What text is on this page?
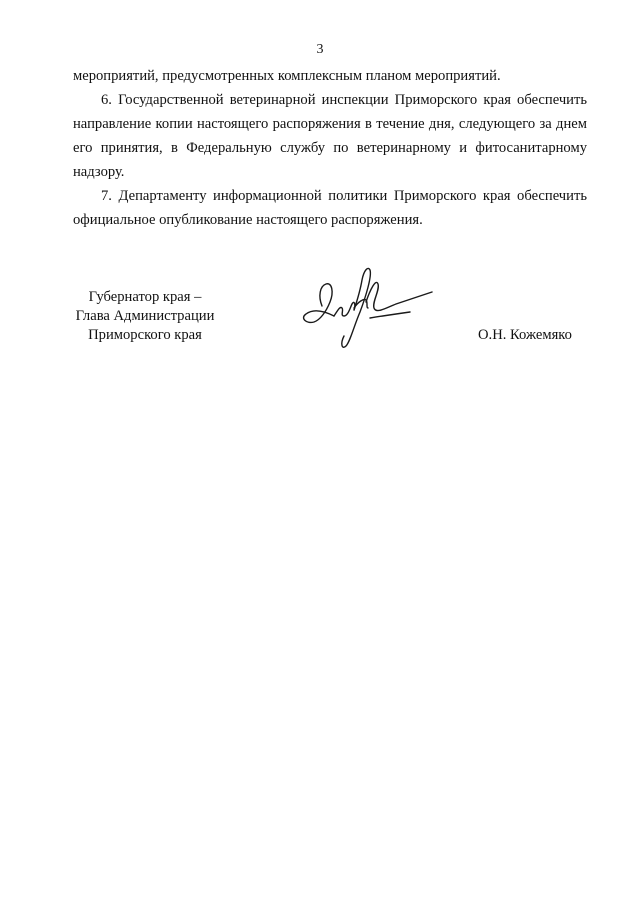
3

мероприятий, предусмотренных комплексным планом мероприятий.

6. Государственной ветеринарной инспекции Приморского края обеспечить направление копии настоящего распоряжения в течение дня, следующего за днем его принятия, в Федеральную службу по ветеринарному и фитосанитарному надзору.

7. Департаменту информационной политики Приморского края обеспечить официальное опубликование настоящего распоряжения.

Губернатор края –
Глава Администрации
Приморского края	О.Н. Кожемяко
